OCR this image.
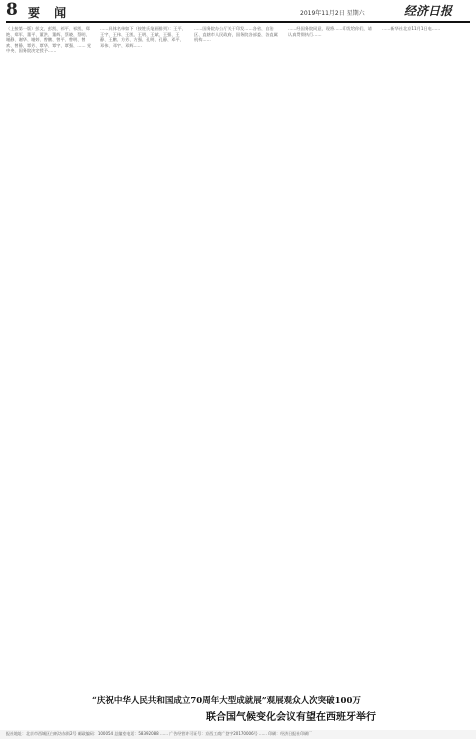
8 要 闻	2019年11月2日 星期六	经济日报

（上接第一版）彭文、彭凯、祁平、祁凯、郑艳、郑军、董平、董洪、董辉、蔡晓、蔡明、谢静、谢华、谢婷、曾鹏、曾平、曾明、曾欢、曾静、覃芳、覃华、覃宇、覃强、…… 党中央、国务院决定授予……

……具体名单如下（按姓氏笔画排列）：王平、王宇、王伟、王凯、王明、王斌、王强、王静、王鹏、方芳、方强、孔明、孔静、邓平、邓伟、邓宇、邓辉……

……国务院办公厅关于印发……各省、自治区、直辖市人民政府，国务院各部委、各直属机构……

……经国务院同意，现将……印发给你们，请认真贯彻执行……

……新华社北京11月1日电……

“庆祝中华人民共和国成立70周年大型成就展”观展观众人次突破100万
联合国气候变化会议有望在西班牙举行
报社地址：北京市西城区白纸坊东街2号 邮政编码：100054 总编室电话：58392088 …… 广告经营许可证号：京西工商广登字20170006号 …… 印刷：经济日报社印刷厂
